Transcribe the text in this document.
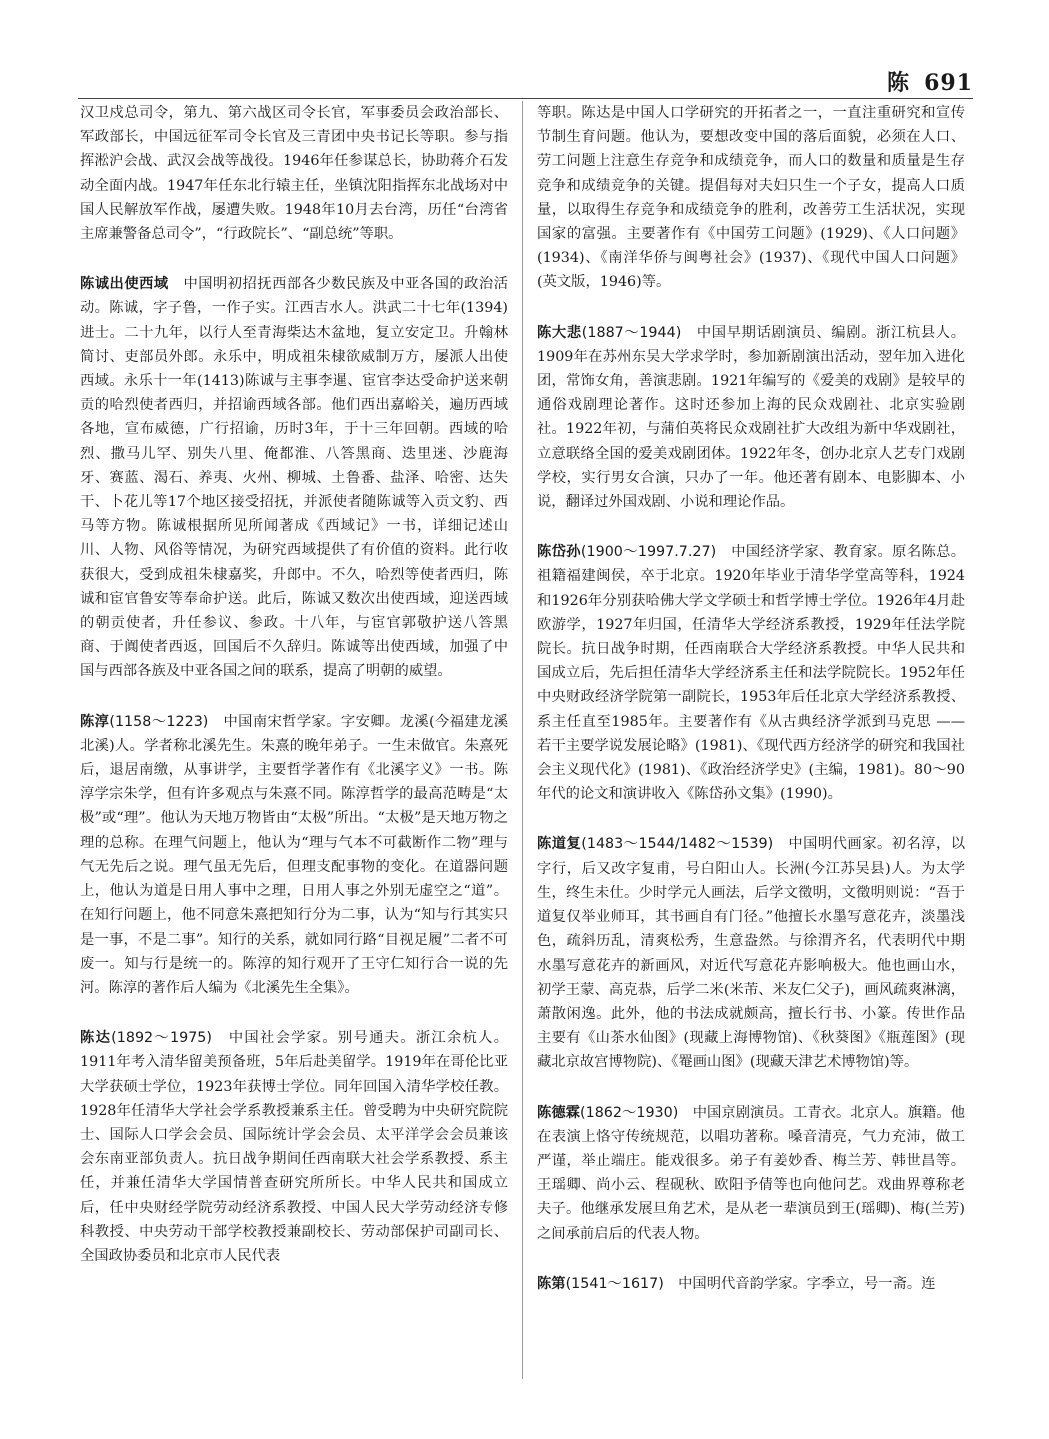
陈 691

汉卫戍总司令，第九、第六战区司令长官，军事委员会政治部长、军政部长，中国远征军司令长官及三青团中央书记长等职。参与指挥淞沪会战、武汉会战等战役。1946年任参谋总长，协助蒋介石发动全面内战。1947年任东北行辕主任，坐镇沈阳指挥东北战场对中国人民解放军作战，屡遭失败。1948年10月去台湾，历任“台湾省主席兼警备总司令”，“行政院长”、“副总统”等职。

陈诚出使西域　 中国明初招抚西部各少数民族及中亚各国的政治活动。陈诚，字子鲁，一作子实。江西吉水人。洪武二十七年(1394)进士。二十九年，以行人至青海柴达木盆地，复立安定卫。升翰林简讨、吏部员外郎。永乐中，明成祖朱棣欲威制万方，屡派人出使西域。永乐十一年(1413)陈诚与主事李暹、宦官李达受命护送来朝贡的哈烈使者西归，并招谕西域各部。他们西出嘉峪关，遍历西域各地，宣布威德，广行招谕，历时3年，于十三年回朝。西域的哈烈、撒马儿罕、别失八里、俺都淮、八答黑商、迭里迷、沙鹿海牙、赛蓝、渴石、养夷、火州、柳城、土鲁番、盐泽、哈密、达失干、卜花儿等17个地区接受招抚，并派使者随陈诚等入贡文豹、西马等方物。陈诚根据所见所闻著成《西域记》一书，详细记述山川、人物、风俗等情况，为研究西域提供了有价值的资料。此行收获很大，受到成祖朱棣嘉奖，升郎中。不久，哈烈等使者西归，陈诚和宦官鲁安等奉命护送。此后，陈诚又数次出使西域，迎送西域的朝贡使者，升任参议、参政。十八年，与宦官郭敬护送八答黑商、于阗使者西返，回国后不久辞归。陈诚等出使西域，加强了中国与西部各族及中亚各国之间的联系，提高了明朝的威望。

陈淳(1158～1223)　 中国南宋哲学家。字安卿。龙溪(今福建龙溪北溪)人。学者称北溪先生。朱熹的晚年弟子。一生未做官。朱熹死后，退居南缴，从事讲学，主要哲学著作有《北溪字义》一书。陈淳学宗朱学，但有许多观点与朱熹不同。陈淳哲学的最高范畴是“太极”或“理”。他认为天地万物皆由“太极”所出。“太极”是天地万物之理的总称。在理气问题上，他认为“理与气本不可截断作二物”理与气无先后之说。理气虽无先后，但理支配事物的变化。在道器问题上，他认为道是日用人事中之理，日用人事之外别无虚空之“道”。在知行问题上，他不同意朱熹把知行分为二事，认为“知与行其实只是一事，不是二事”。知行的关系，就如同行路“目视足履”二者不可废一。知与行是统一的。陈淳的知行观开了王守仁知行合一说的先河。陈淳的著作后人编为《北溪先生全集》。

陈达(1892～1975)　 中国社会学家。别号通夫。浙江余杭人。1911年考入清华留美预备班，5年后赴美留学。1919年在哥伦比亚大学获硕士学位，1923年获博士学位。同年回国入清华学校任教。1928年任清华大学社会学系教授兼系主任。曾受聘为中央研究院院士、国际人口学会会员、国际统计学会会员、太平洋学会会员兼该会东南亚部负责人。抗日战争期间任西南联大社会学系教授、系主任，并兼任清华大学国情普查研究所所长。中华人民共和国成立后，任中央财经学院劳动经济系教授、中国人民大学劳动经济专修科教授、中央劳动干部学校教授兼副校长、劳动部保护司副司长、全国政协委员和北京市人民代表

等职。陈达是中国人口学研究的开拓者之一，一直注重研究和宣传节制生育问题。他认为，要想改变中国的落后面貌，必须在人口、劳工问题上注意生存竞争和成绩竞争，而人口的数量和质量是生存竞争和成绩竞争的关键。提倡每对夫妇只生一个子女，提高人口质量，以取得生存竞争和成绩竞争的胜利，改善劳工生活状况，实现国家的富强。主要著作有《中国劳工问题》(1929)、《人口问题》(1934)、《南洋华侨与闽粤社会》(1937)、《现代中国人口问题》(英文版，1946)等。

陈大悲(1887～1944)　 中国早期话剧演员、编剧。浙江杭县人。1909年在苏州东吴大学求学时，参加新剧演出活动，翌年加入进化团，常饰女角，善演悲剧。1921年编写的《爱美的戏剧》是较早的通俗戏剧理论著作。这时还参加上海的民众戏剧社、北京实验剧社。1922年初，与蒲伯英将民众戏剧社扩大改组为新中华戏剧社，立意联络全国的爱美戏剧团体。1922年冬，创办北京人艺专门戏剧学校，实行男女合演，只办了一年。他还著有剧本、电影脚本、小说，翻译过外国戏剧、小说和理论作品。

陈岱孙(1900～1997.7.27)　 中国经济学家、教育家。原名陈总。祖籍福建闽侯，卒于北京。1920年毕业于清华学堂高等科，1924和1926年分别获哈佛大学文学硕士和哲学博士学位。1926年4月赴欧游学，1927年归国，任清华大学经济系教授，1929年任法学院院长。抗日战争时期，任西南联合大学经济系教授。中华人民共和国成立后，先后担任清华大学经济系主任和法学院院长。1952年任中央财政经济学院第一副院长，1953年后任北京大学经济系教授、系主任直至1985年。主要著作有《从古典经济学派到马克思 —— 若干主要学说发展论略》(1981)、《现代西方经济学的研究和我国社会主义现代化》(1981)、《政治经济学史》(主编，1981)。80～90年代的论文和演讲收入《陈岱孙文集》(1990)。

陈道复(1483～1544/1482～1539)　 中国明代画家。初名淳，以字行，后又改字复甫，号白阳山人。长洲(今江苏吴县)人。为太学生，终生未仕。少时学元人画法，后学文徵明，文徵明则说：“吾于道复仅举业师耳，其书画自有门径。”他擅长水墨写意花卉，淡墨浅色，疏斜历乱，清爽松秀，生意盎然。与徐渭齐名，代表明代中期水墨写意花卉的新画风，对近代写意花卉影响极大。他也画山水，初学王蒙、高克恭，后学二米(米芾、米友仁父子)，画风疏爽淋漓，萧散闲逸。此外，他的书法成就颇高，擅长行书、小篆。传世作品主要有《山茶水仙图》(现藏上海博物馆)、《秋葵图》《瓶莲图》(现藏北京故宫博物院)、《罨画山图》(现藏天津艺术博物馆)等。

陈德霖(1862～1930)　 中国京剧演员。工青衣。北京人。旗籍。他在表演上恪守传统规范，以唱功著称。嗓音清亮，气力充沛，做工严谨，举止端庄。能戏很多。弟子有姜妙香、梅兰芳、韩世昌等。王瑶卿、尚小云、程砚秋、欧阳予倩等也向他问艺。戏曲界尊称老夫子。他继承发展旦角艺术，是从老一辈演员到王(瑶卿)、梅(兰芳)之间承前启后的代表人物。

陈第(1541～1617)　 中国明代音韵学家。字季立，号一斋。连
